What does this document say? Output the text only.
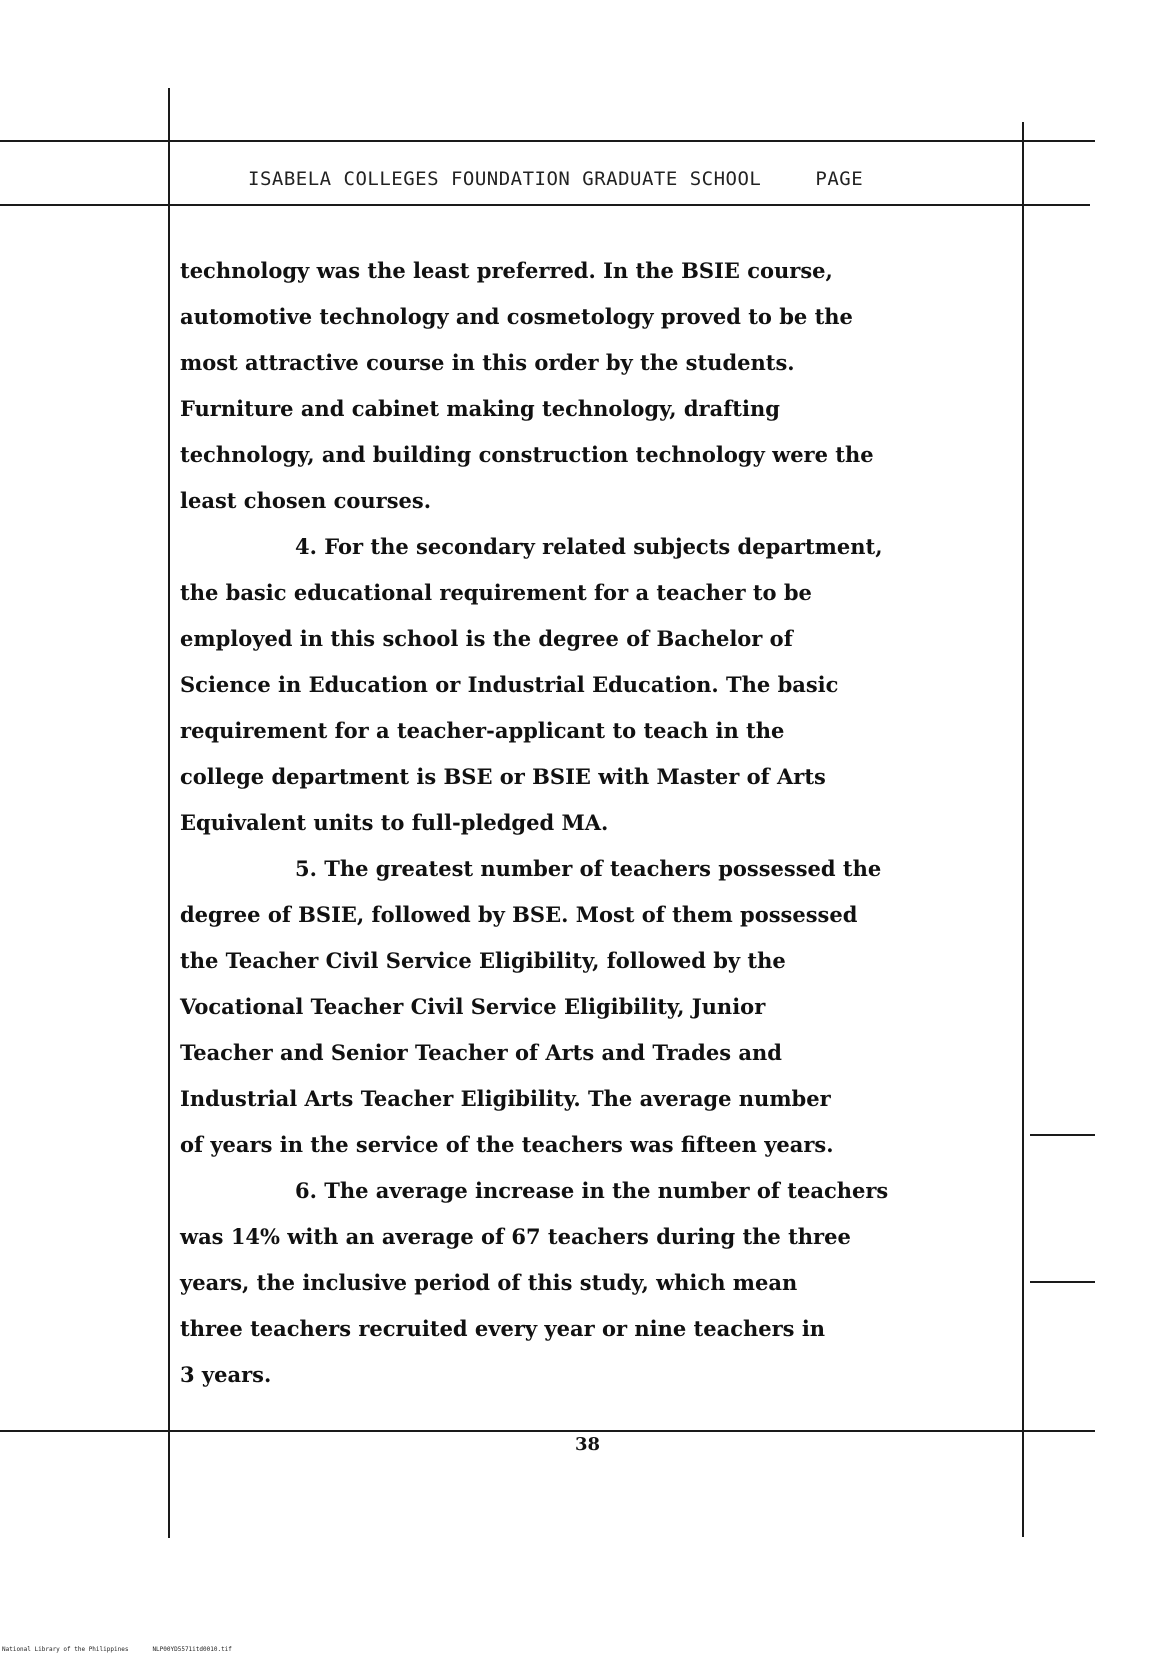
ISABELA COLLEGES FOUNDATION GRADUATE SCHOOL	PAGE
technology was the least preferred. In the BSIE course,
automotive technology and cosmetology proved to be the
most attractive course in this order by the students.
Furniture and cabinet making technology, drafting
technology, and building construction technology were the
least chosen courses.
4. For the secondary related subjects department,
the basic educational requirement for a teacher to be
employed in this school is the degree of Bachelor of
Science in Education or Industrial Education. The basic
requirement for a teacher-applicant to teach in the
college department is BSE or BSIE with Master of Arts
Equivalent units to full-pledged MA.
5. The greatest number of teachers possessed the
degree of BSIE, followed by BSE. Most of them possessed
the Teacher Civil Service Eligibility, followed by the
Vocational Teacher Civil Service Eligibility, Junior
Teacher and Senior Teacher of Arts and Trades and
Industrial Arts Teacher Eligibility. The average number
of years in the service of the teachers was fifteen years.
6. The average increase in the number of teachers
was 14% with an average of 67 teachers during the three
years, the inclusive period of this study, which mean
three teachers recruited every year or nine teachers in
3 years.
38
National Library of the Philippines	NLP00YD5571itd0010.tif
